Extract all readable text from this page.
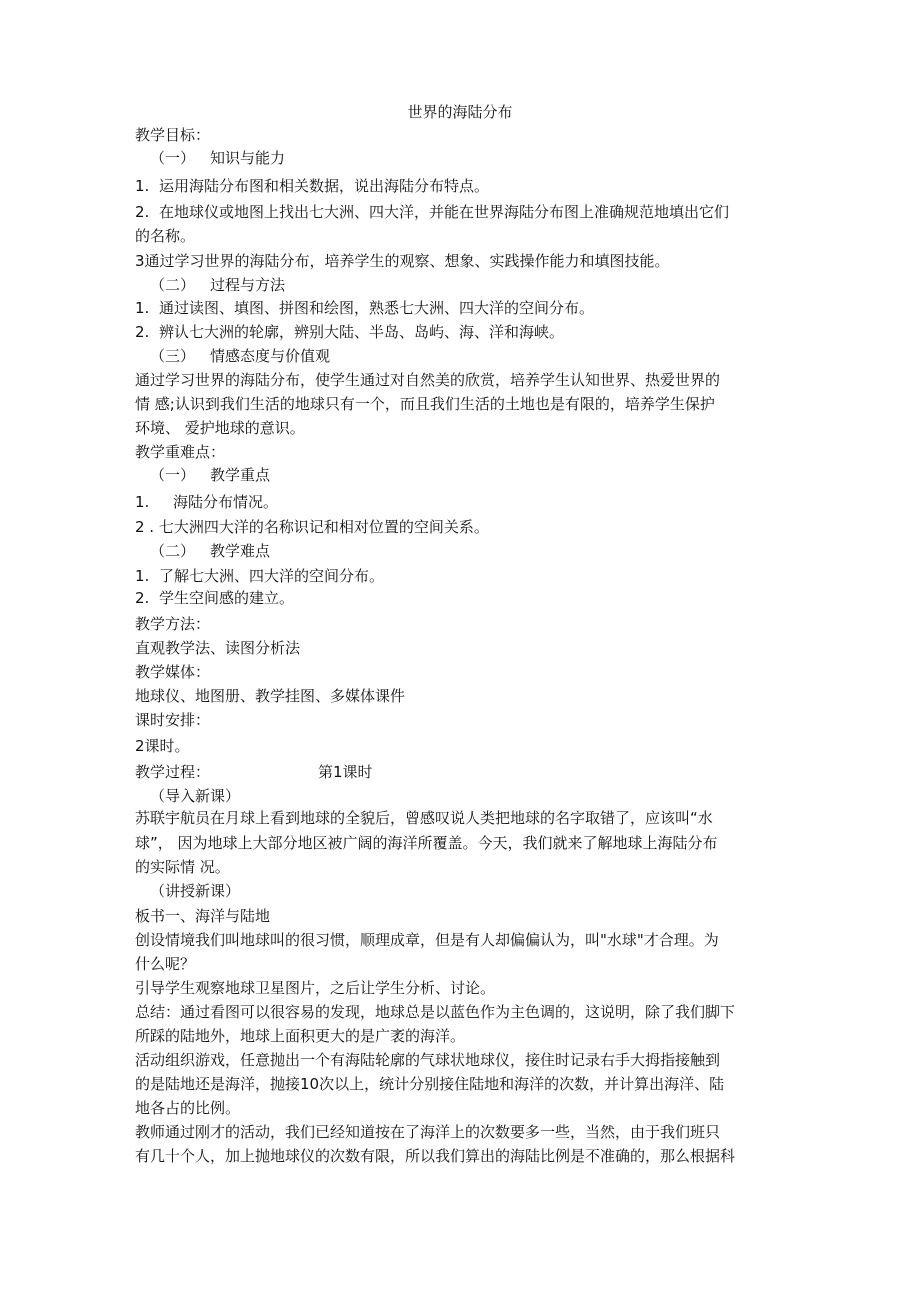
世界的海陆分布
教学目标：
（一） 知识与能力
1. 运用海陆分布图和相关数据，说出海陆分布特点。
2. 在地球仪或地图上找出七大洲、四大洋，并能在世界海陆分布图上准确规范地填出它们
的名称。
3通过学习世界的海陆分布，培养学生的观察、想象、实践操作能力和填图技能。
（二） 过程与方法
1. 通过读图、填图、拼图和绘图，熟悉七大洲、四大洋的空间分布。
2. 辨认七大洲的轮廓，辨别大陆、半岛、岛屿、海、洋和海峡。
（三） 情感态度与价值观
通过学习世界的海陆分布，使学生通过对自然美的欣赏，培养学生认知世界、热爱世界的
情 感;认识到我们生活的地球只有一个，而且我们生活的土地也是有限的，培养学生保护
环境、 爱护地球的意识。
教学重难点：
（一） 教学重点
1. 海陆分布情况。
2 . 七大洲四大洋的名称识记和相对位置的空间关系。
（二） 教学难点
1. 了解七大洲、四大洋的空间分布。
2. 学生空间感的建立。
教学方法：
直观教学法、读图分析法
教学媒体：
地球仪、地图册、教学挂图、多媒体课件
课时安排：
2课时。
教学过程：	第1课时
（导入新课）
苏联宇航员在月球上看到地球的全貌后，曾感叹说人类把地球的名字取错了，应该叫“水
球”， 因为地球上大部分地区被广阔的海洋所覆盖。今天，我们就来了解地球上海陆分布
的实际情 况。
（讲授新课）
板书一、海洋与陆地
创设情境我们叫地球叫的很习惯，顺理成章，但是有人却偏偏认为，叫"水球"才合理。为
什么呢？
引导学生观察地球卫星图片，之后让学生分析、讨论。
总结：通过看图可以很容易的发现，地球总是以蓝色作为主色调的，这说明，除了我们脚下
所踩的陆地外，地球上面积更大的是广袤的海洋。
活动组织游戏，任意抛出一个有海陆轮廓的气球状地球仪，接住时记录右手大拇指接触到
的是陆地还是海洋，抛接10次以上，统计分别接住陆地和海洋的次数，并计算出海洋、陆
地各占的比例。
教师通过刚才的活动，我们已经知道按在了海洋上的次数要多一些，当然，由于我们班只
有几十个人，加上抛地球仪的次数有限，所以我们算出的海陆比例是不准确的，那么根据科
